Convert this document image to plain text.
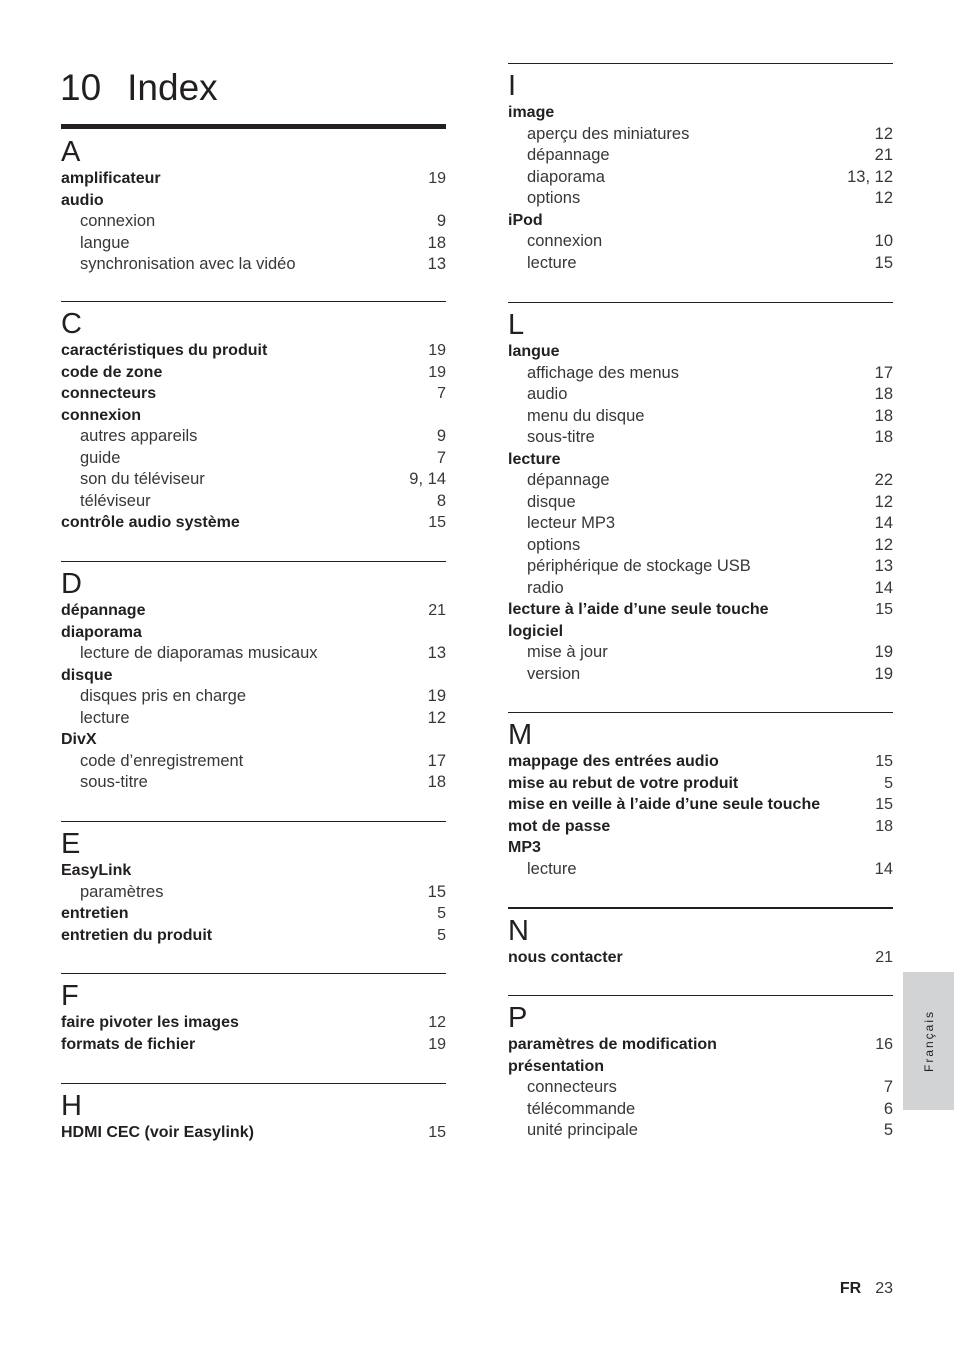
10 Index
A
amplificateur	19
audio
connexion	9
langue	18
synchronisation avec la vidéo	13
C
caractéristiques du produit	19
code de zone	19
connecteurs	7
connexion
autres appareils	9
guide	7
son du téléviseur	9, 14
téléviseur	8
contrôle audio système	15
D
dépannage	21
diaporama
lecture de diaporamas musicaux	13
disque
disques pris en charge	19
lecture	12
DivX
code d’enregistrement	17
sous-titre	18
E
EasyLink
paramètres	15
entretien	5
entretien du produit	5
F
faire pivoter les images	12
formats de fichier	19
H
HDMI CEC (voir Easylink)	15
I
image
aperçu des miniatures	12
dépannage	21
diaporama	13, 12
options	12
iPod
connexion	10
lecture	15
L
langue
affichage des menus	17
audio	18
menu du disque	18
sous-titre	18
lecture
dépannage	22
disque	12
lecteur MP3	14
options	12
périphérique de stockage USB	13
radio	14
lecture à l’aide d’une seule touche	15
logiciel
mise à jour	19
version	19
M
mappage des entrées audio	15
mise au rebut de votre produit	5
mise en veille à l’aide d’une seule touche	15
mot de passe	18
MP3
lecture	14
N
nous contacter	21
P
paramètres de modification	16
présentation
connecteurs	7
télécommande	6
unité principale	5
Français
FR 23
